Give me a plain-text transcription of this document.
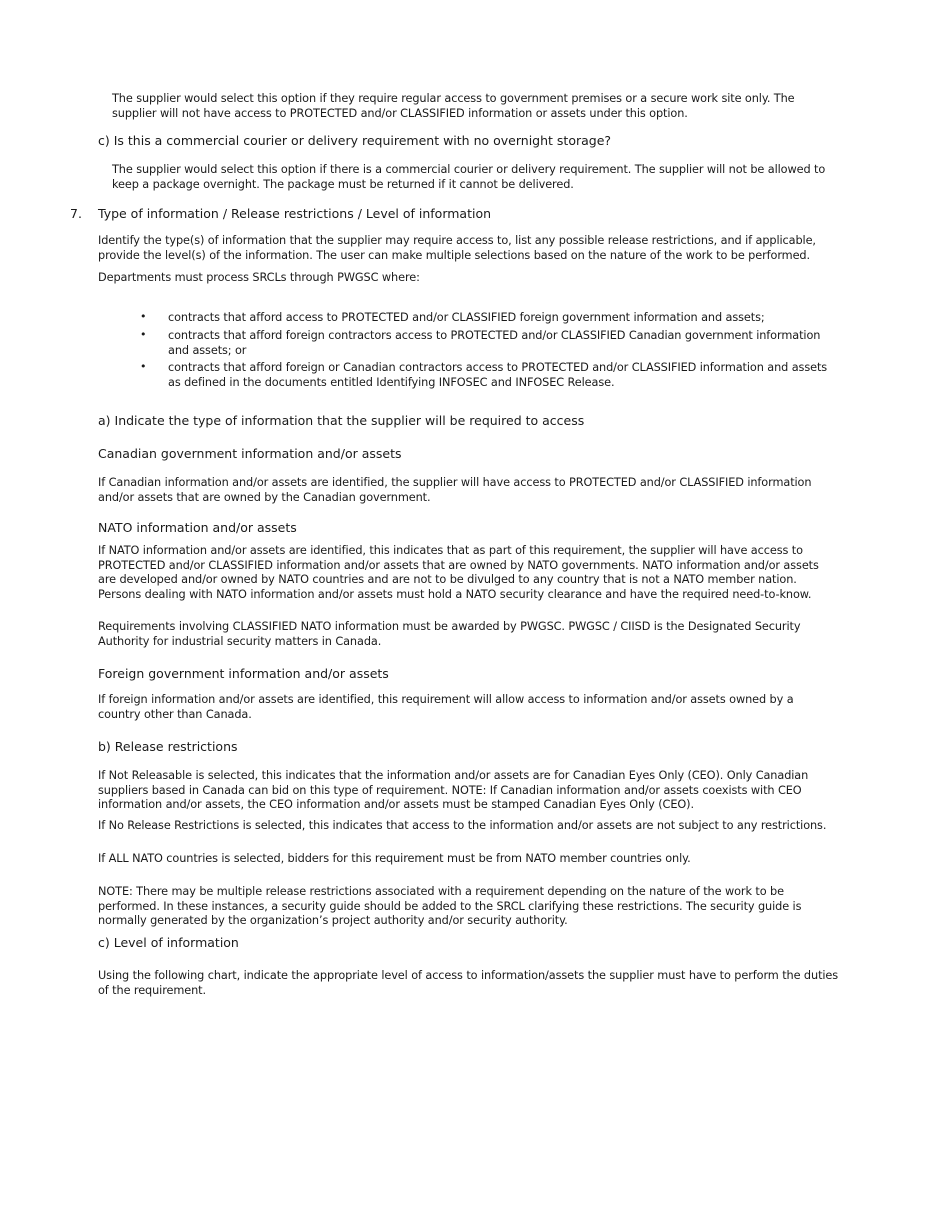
The supplier would select this option if they require regular access to government premises or a secure work site only. The supplier will not have access to PROTECTED and/or CLASSIFIED information or assets under this option.

c) Is this a commercial courier or delivery requirement with no overnight storage?

The supplier would select this option if there is a commercial courier or delivery requirement. The supplier will not be allowed to keep a package overnight. The package must be returned if it cannot be delivered.

7. Type of information / Release restrictions / Level of information

Identify the type(s) of information that the supplier may require access to, list any possible release restrictions, and if applicable, provide the level(s) of the information. The user can make multiple selections based on the nature of the work to be performed.

Departments must process SRCLs through PWGSC where:

• contracts that afford access to PROTECTED and/or CLASSIFIED foreign government information and assets;

• contracts that afford foreign contractors access to PROTECTED and/or CLASSIFIED Canadian government information and assets; or

• contracts that afford foreign or Canadian contractors access to PROTECTED and/or CLASSIFIED information and assets as defined in the documents entitled Identifying INFOSEC and INFOSEC Release.

a) Indicate the type of information that the supplier will be required to access

Canadian government information and/or assets

If Canadian information and/or assets are identified, the supplier will have access to PROTECTED and/or CLASSIFIED information and/or assets that are owned by the Canadian government.

NATO information and/or assets

If NATO information and/or assets are identified, this indicates that as part of this requirement, the supplier will have access to PROTECTED and/or CLASSIFIED information and/or assets that are owned by NATO governments. NATO information and/or assets are developed and/or owned by NATO countries and are not to be divulged to any country that is not a NATO member nation. Persons dealing with NATO information and/or assets must hold a NATO security clearance and have the required need-to-know.

Requirements involving CLASSIFIED NATO information must be awarded by PWGSC. PWGSC / CIISD is the Designated Security Authority for industrial security matters in Canada.

Foreign government information and/or assets

If foreign information and/or assets are identified, this requirement will allow access to information and/or assets owned by a country other than Canada.

b) Release restrictions

If Not Releasable is selected, this indicates that the information and/or assets are for Canadian Eyes Only (CEO). Only Canadian suppliers based in Canada can bid on this type of requirement. NOTE: If Canadian information and/or assets coexists with CEO information and/or assets, the CEO information and/or assets must be stamped Canadian Eyes Only (CEO).

If No Release Restrictions is selected, this indicates that access to the information and/or assets are not subject to any restrictions.

If ALL NATO countries is selected, bidders for this requirement must be from NATO member countries only.

NOTE: There may be multiple release restrictions associated with a requirement depending on the nature of the work to be performed. In these instances, a security guide should be added to the SRCL clarifying these restrictions. The security guide is normally generated by the organization’s project authority and/or security authority.

c) Level of information

Using the following chart, indicate the appropriate level of access to information/assets the supplier must have to perform the duties of the requirement.
